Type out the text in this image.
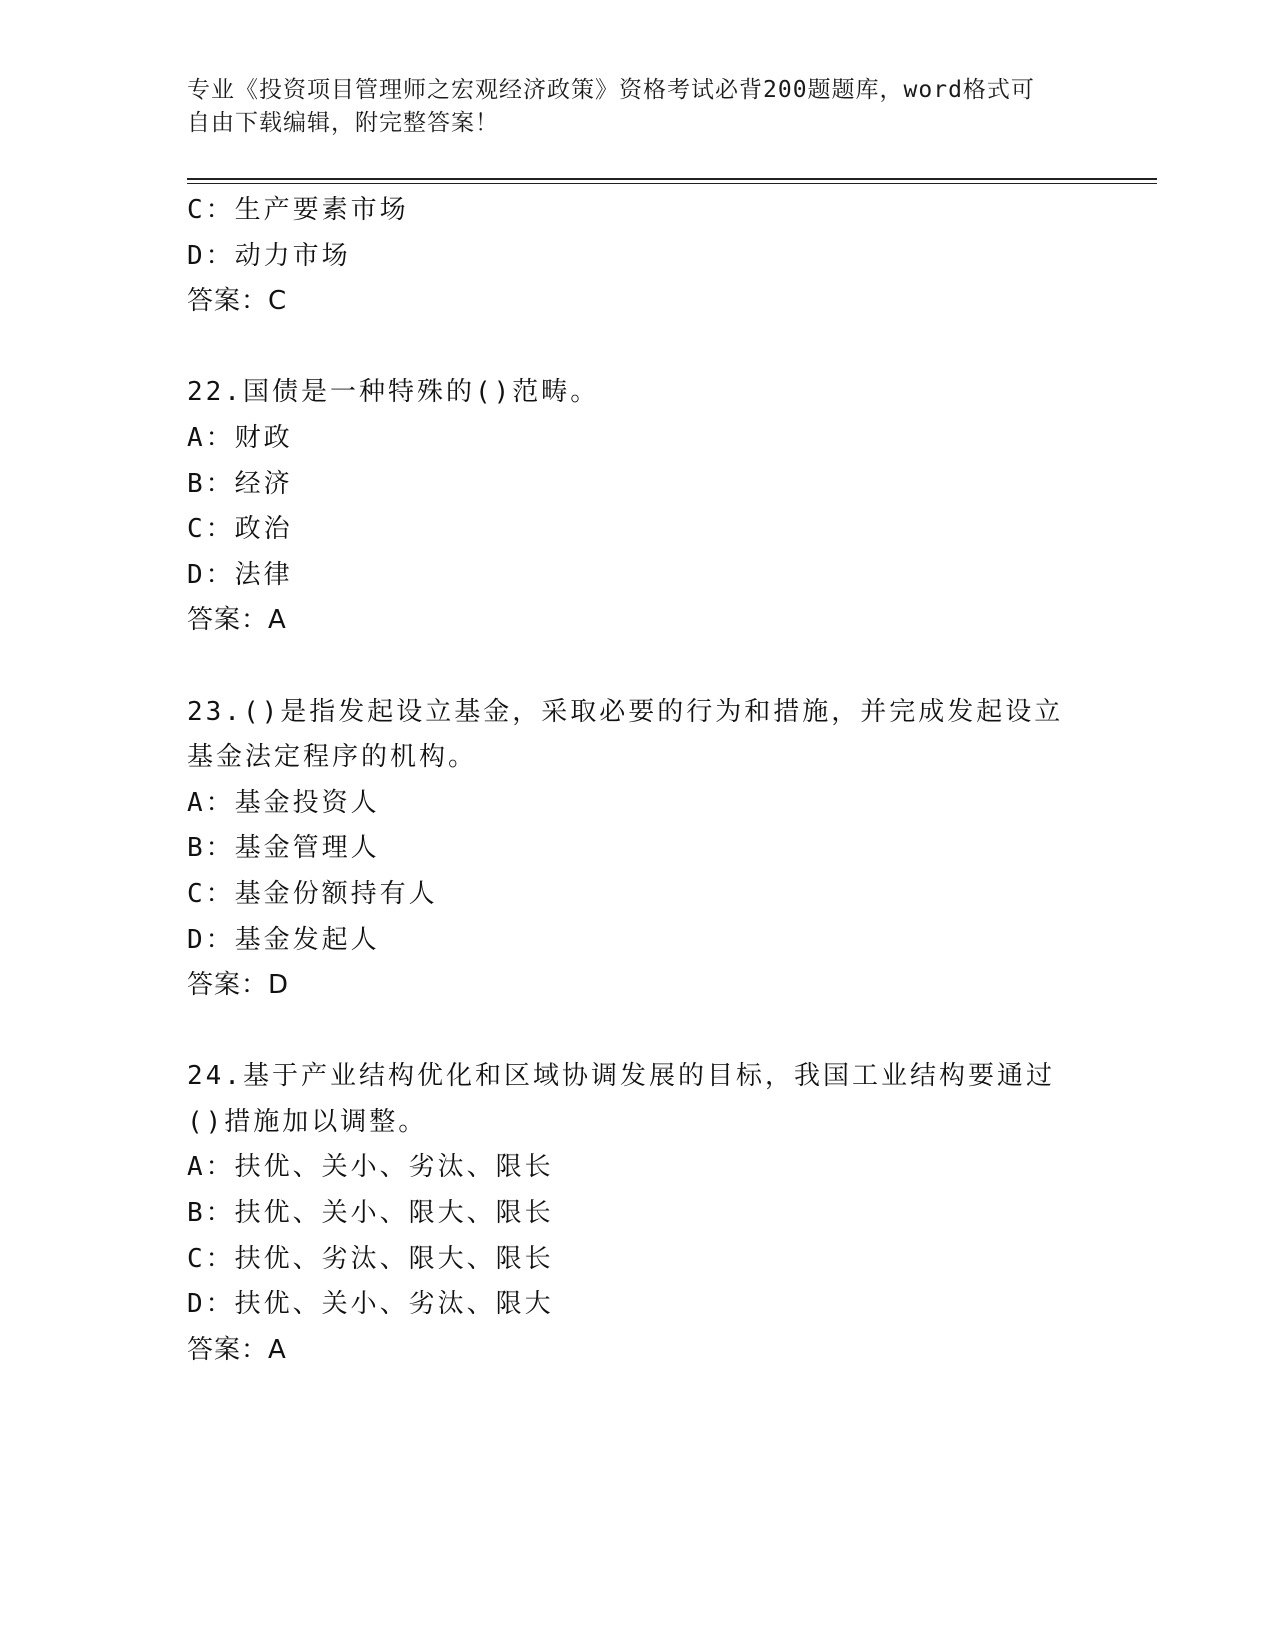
专业《投资项目管理师之宏观经济政策》资格考试必背200题题库，word格式可
自由下载编辑，附完整答案！
C：生产要素市场
D：动力市场
答案：C
22.国债是一种特殊的()范畴。
A：财政
B：经济
C：政治
D：法律
答案：A
23.()是指发起设立基金，采取必要的行为和措施，并完成发起设立基金法定程序的机构。
A：基金投资人
B：基金管理人
C：基金份额持有人
D：基金发起人
答案：D
24.基于产业结构优化和区域协调发展的目标，我国工业结构要通过()措施加以调整。
A：扶优、关小、劣汰、限长
B：扶优、关小、限大、限长
C：扶优、劣汰、限大、限长
D：扶优、关小、劣汰、限大
答案：A
